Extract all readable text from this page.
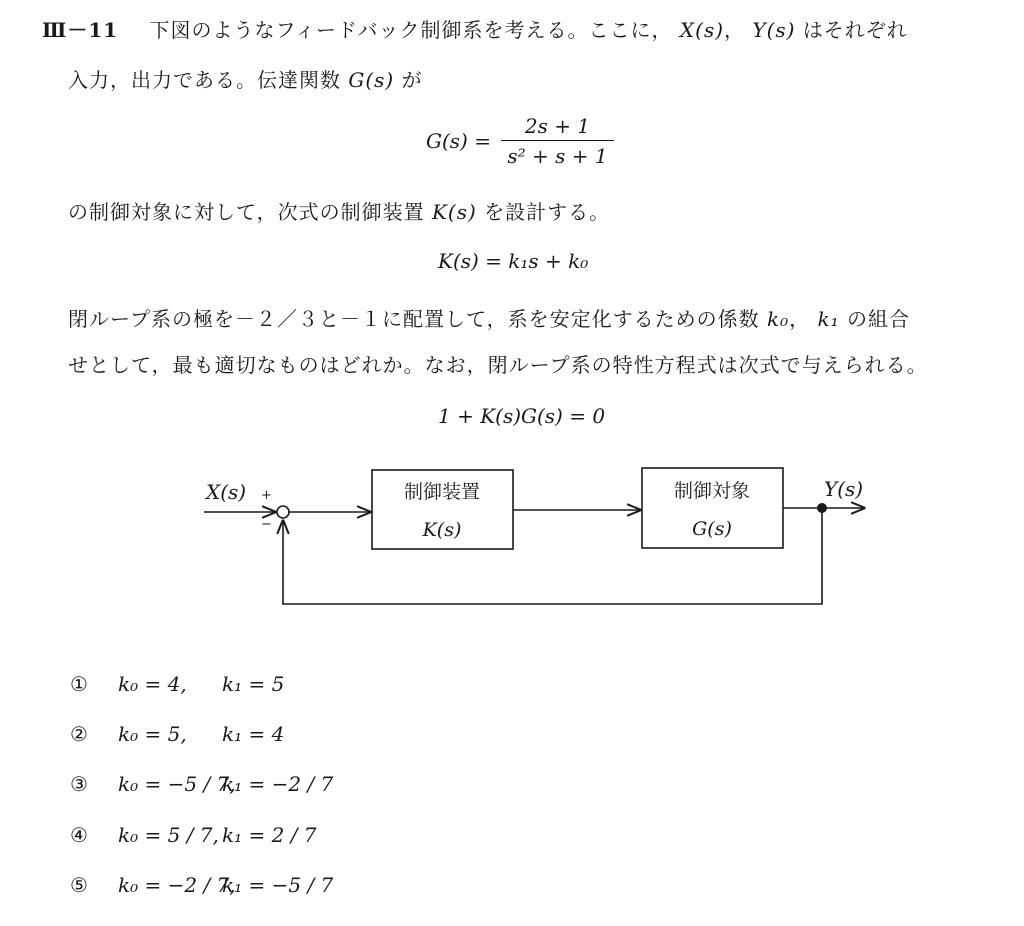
Ⅲ－11 下図のようなフィードバック制御系を考える。ここに， X(s)， Y(s) はそれぞれ
入力，出力である。伝達関数 G(s) が
$G(s) = \frac{2s + 1}{\text{s² + s + 1}}$
の制御対象に対して，次式の制御装置 K(s) を設計する。
K(s) = k₁s + k₀
閉ループ系の極を－２／３と－１に配置して，系を安定化するための係数 k₀， k₁ の組合
せとして，最も適切なものはどれか。なお，閉ループ系の特性方程式は次式で与えられる。
1 + K(s)G(s) = 0
X(s) +
−
Y(s)
制御装置
K(s)
制御対象
G(s)
① k₀ = 4, k₁ = 5
② k₀ = 5, k₁ = 4
③ k₀ = −5 / 7,k₁ = −2 / 7
④ k₀ = 5 / 7, k₁ = 2 / 7
⑤ k₀ = −2 / 7,k₁ = −5 / 7
